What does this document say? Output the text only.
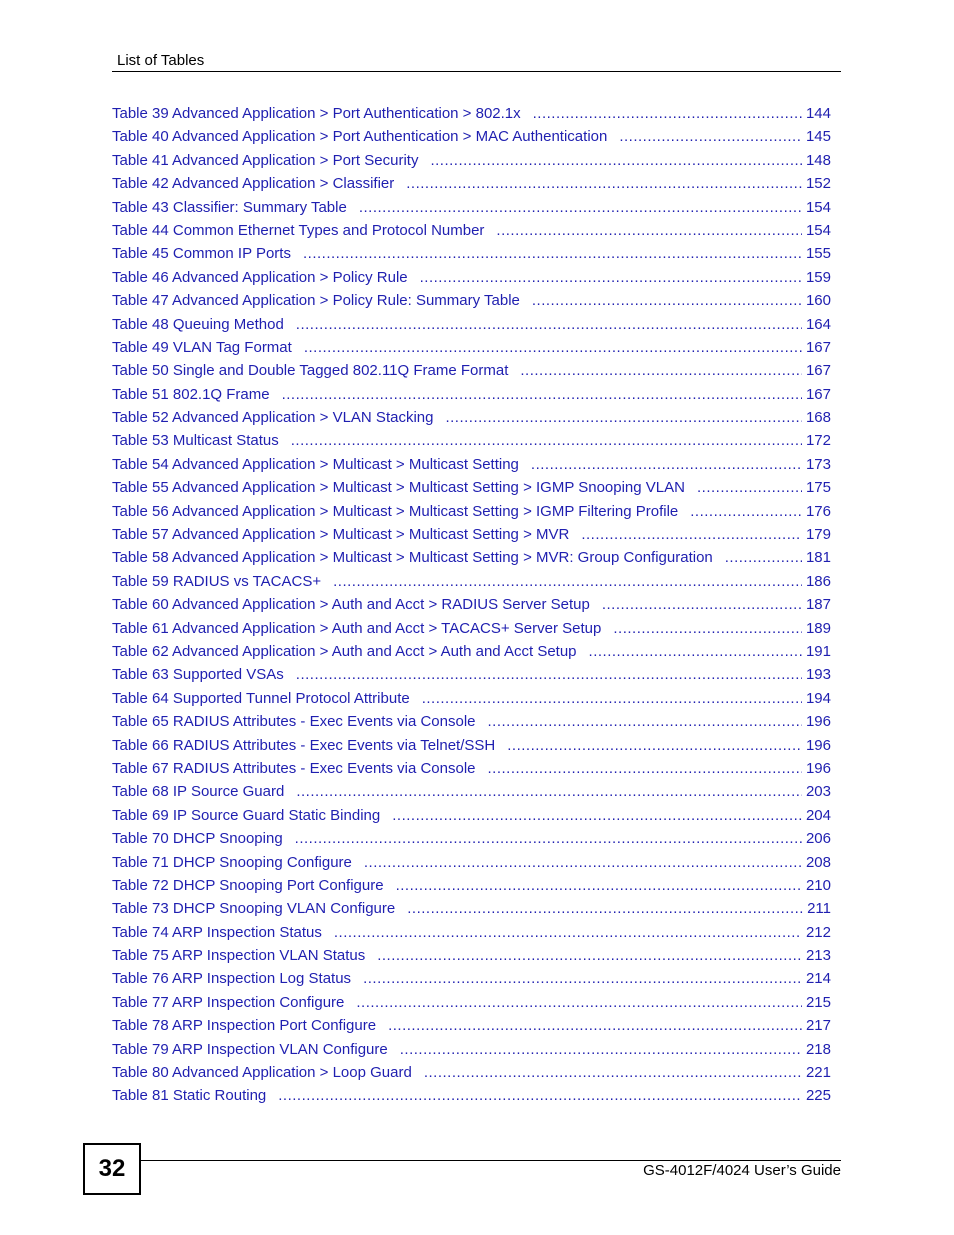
List of Tables
Table 39 Advanced Application > Port Authentication > 802.1x .....	144
Table 40 Advanced Application > Port Authentication > MAC Authentication .....	145
Table 41 Advanced Application > Port Security .....	148
Table 42 Advanced Application > Classifier .....	152
Table 43 Classifier: Summary Table .....	154
Table 44 Common Ethernet Types and Protocol Number .....	154
Table 45 Common IP Ports .....	155
Table 46 Advanced Application > Policy Rule .....	159
Table 47 Advanced Application > Policy Rule: Summary Table .....	160
Table 48 Queuing Method .....	164
Table 49 VLAN Tag Format .....	167
Table 50 Single and Double Tagged 802.11Q Frame Format .....	167
Table 51 802.1Q Frame .....	167
Table 52 Advanced Application > VLAN Stacking .....	168
Table 53 Multicast Status .....	172
Table 54 Advanced Application > Multicast > Multicast Setting .....	173
Table 55 Advanced Application > Multicast > Multicast Setting > IGMP Snooping VLAN .....	175
Table 56 Advanced Application > Multicast > Multicast Setting > IGMP Filtering Profile .....	176
Table 57 Advanced Application > Multicast > Multicast Setting > MVR .....	179
Table 58 Advanced Application > Multicast > Multicast Setting > MVR: Group Configuration .....	181
Table 59 RADIUS vs TACACS+ .....	186
Table 60 Advanced Application > Auth and Acct > RADIUS Server Setup .....	187
Table 61 Advanced Application > Auth and Acct > TACACS+ Server Setup .....	189
Table 62 Advanced Application > Auth and Acct > Auth and Acct Setup .....	191
Table 63 Supported VSAs .....	193
Table 64 Supported Tunnel Protocol Attribute .....	194
Table 65 RADIUS Attributes - Exec Events via Console .....	196
Table 66 RADIUS Attributes - Exec Events via Telnet/SSH .....	196
Table 67 RADIUS Attributes - Exec Events via Console .....	196
Table 68 IP Source Guard .....	203
Table 69 IP Source Guard Static Binding .....	204
Table 70 DHCP Snooping .....	206
Table 71 DHCP Snooping Configure .....	208
Table 72 DHCP Snooping Port Configure .....	210
Table 73 DHCP Snooping VLAN Configure .....	211
Table 74 ARP Inspection Status .....	212
Table 75 ARP Inspection VLAN Status .....	213
Table 76 ARP Inspection Log Status .....	214
Table 77 ARP Inspection Configure .....	215
Table 78 ARP Inspection Port Configure .....	217
Table 79 ARP Inspection VLAN Configure .....	218
Table 80 Advanced Application > Loop Guard .....	221
Table 81 Static Routing .....	225
32	GS-4012F/4024 User’s Guide
